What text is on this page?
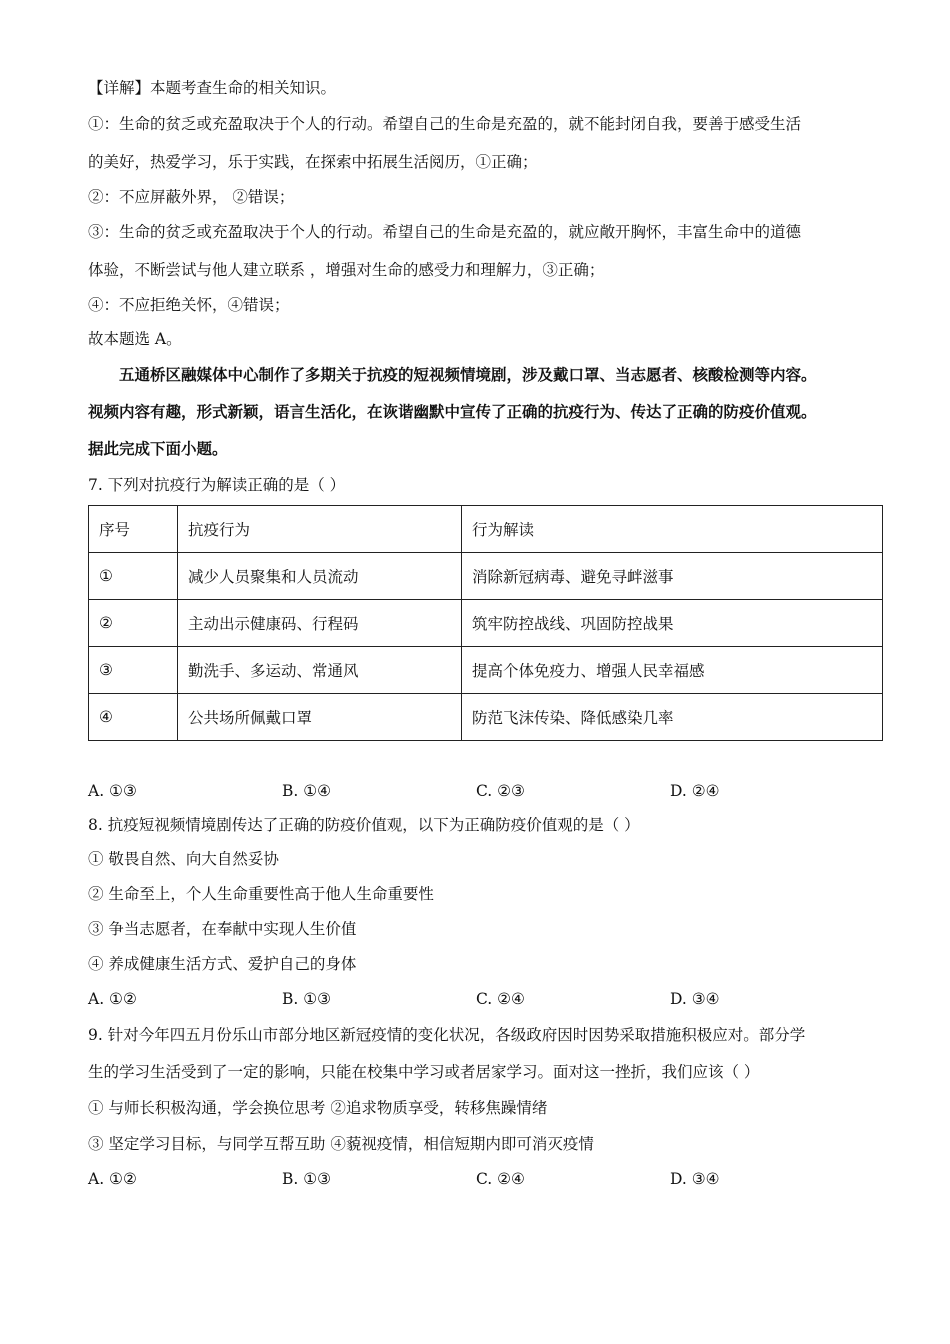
【详解】本题考查生命的相关知识。

①：生命的贫乏或充盈取决于个人的行动。希望自己的生命是充盈的，就不能封闭自我，要善于感受生活

的美好，热爱学习，乐于实践，在探索中拓展生活阅历，①正确；

②：不应屏蔽外界， ②错误；

③：生命的贫乏或充盈取决于个人的行动。希望自己的生命是充盈的，就应敞开胸怀，丰富生命中的道德

体验，不断尝试与他人建立联系 ，增强对生命的感受力和理解力，③正确；

④：不应拒绝关怀，④错误；

故本题选 A。

五通桥区融媒体中心制作了多期关于抗疫的短视频情境剧，涉及戴口罩、当志愿者、核酸检测等内容。

视频内容有趣，形式新颖，语言生活化，在诙谐幽默中宣传了正确的抗疫行为、传达了正确的防疫价值观。

据此完成下面小题。

7. 下列对抗疫行为解读正确的是（ ）

序号	抗疫行为	行为解读
①	减少人员聚集和人员流动	消除新冠病毒、避免寻衅滋事
②	主动出示健康码、行程码	筑牢防控战线、巩固防控战果
③	勤洗手、多运动、常通风	提高个体免疫力、增强人民幸福感
④	公共场所佩戴口罩	防范飞沫传染、降低感染几率
A. ①③	B. ①④	C. ②③	D. ②④

8. 抗疫短视频情境剧传达了正确的防疫价值观，以下为正确防疫价值观的是（ ）

① 敬畏自然、向大自然妥协

② 生命至上，个人生命重要性高于他人生命重要性

③ 争当志愿者，在奉献中实现人生价值

④ 养成健康生活方式、爱护自己的身体

A. ①②	B. ①③	C. ②④	D. ③④

9. 针对今年四五月份乐山市部分地区新冠疫情的变化状况，各级政府因时因势采取措施积极应对。部分学

生的学习生活受到了一定的影响，只能在校集中学习或者居家学习。面对这一挫折，我们应该（ ）

① 与师长积极沟通，学会换位思考 ②追求物质享受，转移焦躁情绪

③ 坚定学习目标，与同学互帮互助 ④藐视疫情，相信短期内即可消灭疫情

A. ①②	B. ①③	C. ②④	D. ③④
